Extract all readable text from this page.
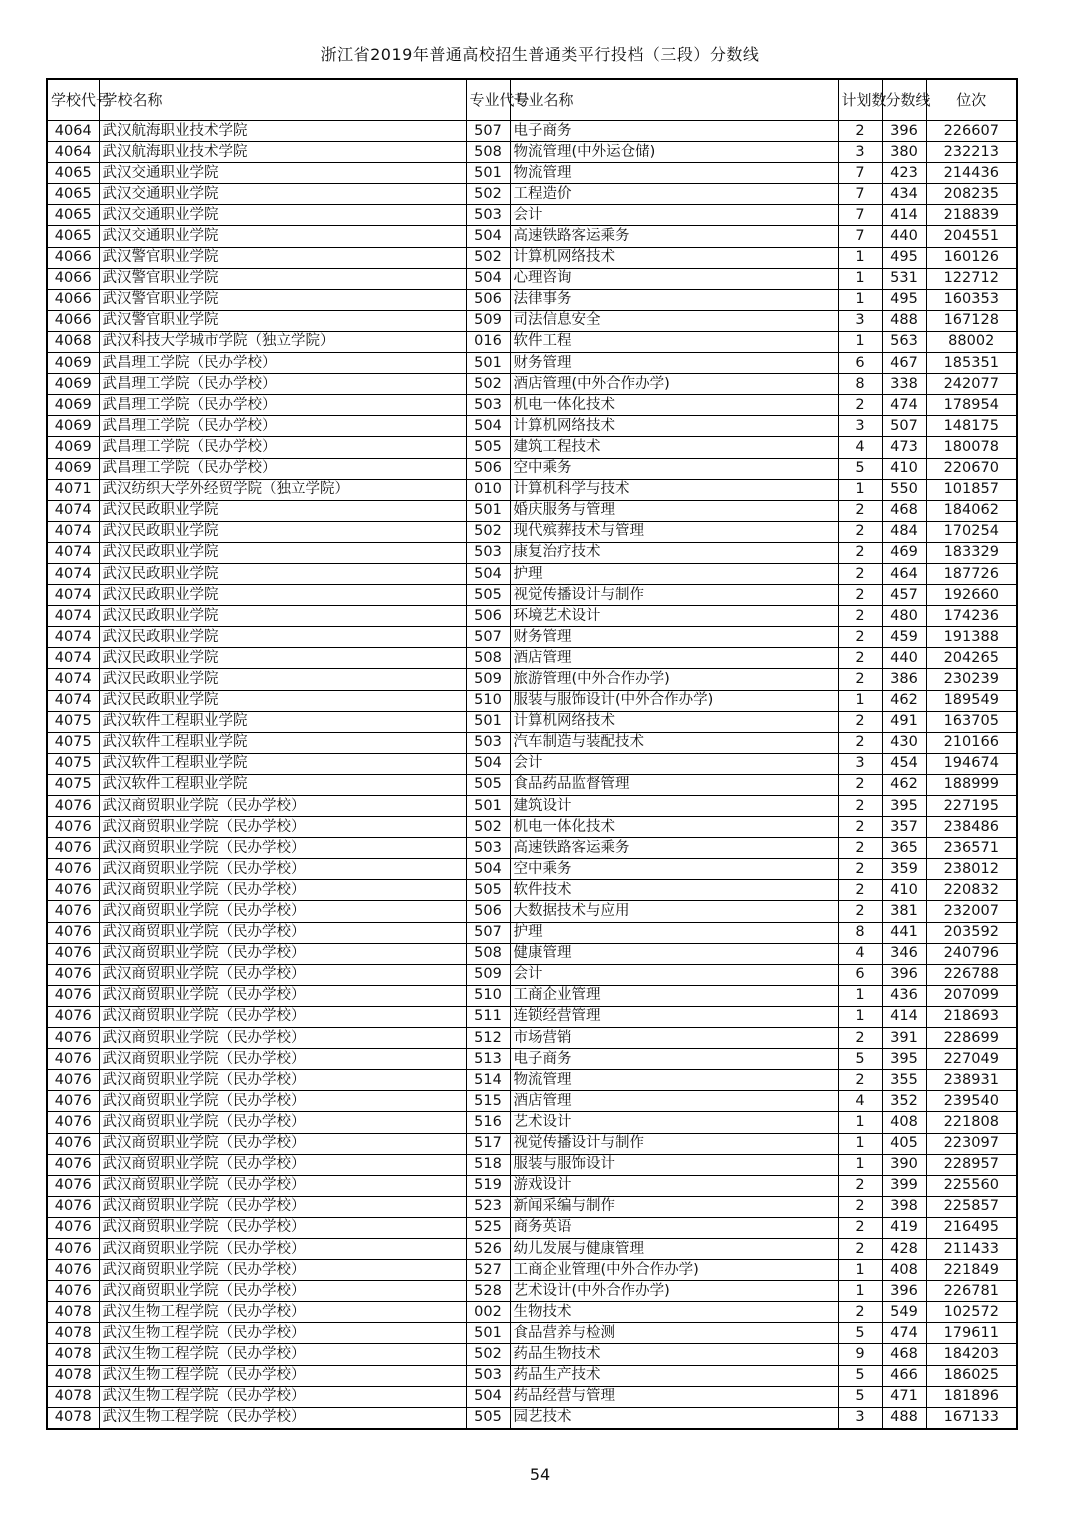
浙江省2019年普通高校招生普通类平行投档（三段）分数线
学校代号	学校名称	专业代号	专业名称	计划数	分数线	位次
4064	武汉航海职业技术学院	507	电子商务	2	396	226607
4064	武汉航海职业技术学院	508	物流管理(中外运仓储)	3	380	232213
4065	武汉交通职业学院	501	物流管理	7	423	214436
4065	武汉交通职业学院	502	工程造价	7	434	208235
4065	武汉交通职业学院	503	会计	7	414	218839
4065	武汉交通职业学院	504	高速铁路客运乘务	7	440	204551
4066	武汉警官职业学院	502	计算机网络技术	1	495	160126
4066	武汉警官职业学院	504	心理咨询	1	531	122712
4066	武汉警官职业学院	506	法律事务	1	495	160353
4066	武汉警官职业学院	509	司法信息安全	3	488	167128
4068	武汉科技大学城市学院（独立学院）	016	软件工程	1	563	88002
4069	武昌理工学院（民办学校）	501	财务管理	6	467	185351
4069	武昌理工学院（民办学校）	502	酒店管理(中外合作办学)	8	338	242077
4069	武昌理工学院（民办学校）	503	机电一体化技术	2	474	178954
4069	武昌理工学院（民办学校）	504	计算机网络技术	3	507	148175
4069	武昌理工学院（民办学校）	505	建筑工程技术	4	473	180078
4069	武昌理工学院（民办学校）	506	空中乘务	5	410	220670
4071	武汉纺织大学外经贸学院（独立学院）	010	计算机科学与技术	1	550	101857
4074	武汉民政职业学院	501	婚庆服务与管理	2	468	184062
4074	武汉民政职业学院	502	现代殡葬技术与管理	2	484	170254
4074	武汉民政职业学院	503	康复治疗技术	2	469	183329
4074	武汉民政职业学院	504	护理	2	464	187726
4074	武汉民政职业学院	505	视觉传播设计与制作	2	457	192660
4074	武汉民政职业学院	506	环境艺术设计	2	480	174236
4074	武汉民政职业学院	507	财务管理	2	459	191388
4074	武汉民政职业学院	508	酒店管理	2	440	204265
4074	武汉民政职业学院	509	旅游管理(中外合作办学)	2	386	230239
4074	武汉民政职业学院	510	服装与服饰设计(中外合作办学)	1	462	189549
4075	武汉软件工程职业学院	501	计算机网络技术	2	491	163705
4075	武汉软件工程职业学院	503	汽车制造与装配技术	2	430	210166
4075	武汉软件工程职业学院	504	会计	3	454	194674
4075	武汉软件工程职业学院	505	食品药品监督管理	2	462	188999
4076	武汉商贸职业学院（民办学校）	501	建筑设计	2	395	227195
4076	武汉商贸职业学院（民办学校）	502	机电一体化技术	2	357	238486
4076	武汉商贸职业学院（民办学校）	503	高速铁路客运乘务	2	365	236571
4076	武汉商贸职业学院（民办学校）	504	空中乘务	2	359	238012
4076	武汉商贸职业学院（民办学校）	505	软件技术	2	410	220832
4076	武汉商贸职业学院（民办学校）	506	大数据技术与应用	2	381	232007
4076	武汉商贸职业学院（民办学校）	507	护理	8	441	203592
4076	武汉商贸职业学院（民办学校）	508	健康管理	4	346	240796
4076	武汉商贸职业学院（民办学校）	509	会计	6	396	226788
4076	武汉商贸职业学院（民办学校）	510	工商企业管理	1	436	207099
4076	武汉商贸职业学院（民办学校）	511	连锁经营管理	1	414	218693
4076	武汉商贸职业学院（民办学校）	512	市场营销	2	391	228699
4076	武汉商贸职业学院（民办学校）	513	电子商务	5	395	227049
4076	武汉商贸职业学院（民办学校）	514	物流管理	2	355	238931
4076	武汉商贸职业学院（民办学校）	515	酒店管理	4	352	239540
4076	武汉商贸职业学院（民办学校）	516	艺术设计	1	408	221808
4076	武汉商贸职业学院（民办学校）	517	视觉传播设计与制作	1	405	223097
4076	武汉商贸职业学院（民办学校）	518	服装与服饰设计	1	390	228957
4076	武汉商贸职业学院（民办学校）	519	游戏设计	2	399	225560
4076	武汉商贸职业学院（民办学校）	523	新闻采编与制作	2	398	225857
4076	武汉商贸职业学院（民办学校）	525	商务英语	2	419	216495
4076	武汉商贸职业学院（民办学校）	526	幼儿发展与健康管理	2	428	211433
4076	武汉商贸职业学院（民办学校）	527	工商企业管理(中外合作办学)	1	408	221849
4076	武汉商贸职业学院（民办学校）	528	艺术设计(中外合作办学)	1	396	226781
4078	武汉生物工程学院（民办学校）	002	生物技术	2	549	102572
4078	武汉生物工程学院（民办学校）	501	食品营养与检测	5	474	179611
4078	武汉生物工程学院（民办学校）	502	药品生物技术	9	468	184203
4078	武汉生物工程学院（民办学校）	503	药品生产技术	5	466	186025
4078	武汉生物工程学院（民办学校）	504	药品经营与管理	5	471	181896
4078	武汉生物工程学院（民办学校）	505	园艺技术	3	488	167133
54
